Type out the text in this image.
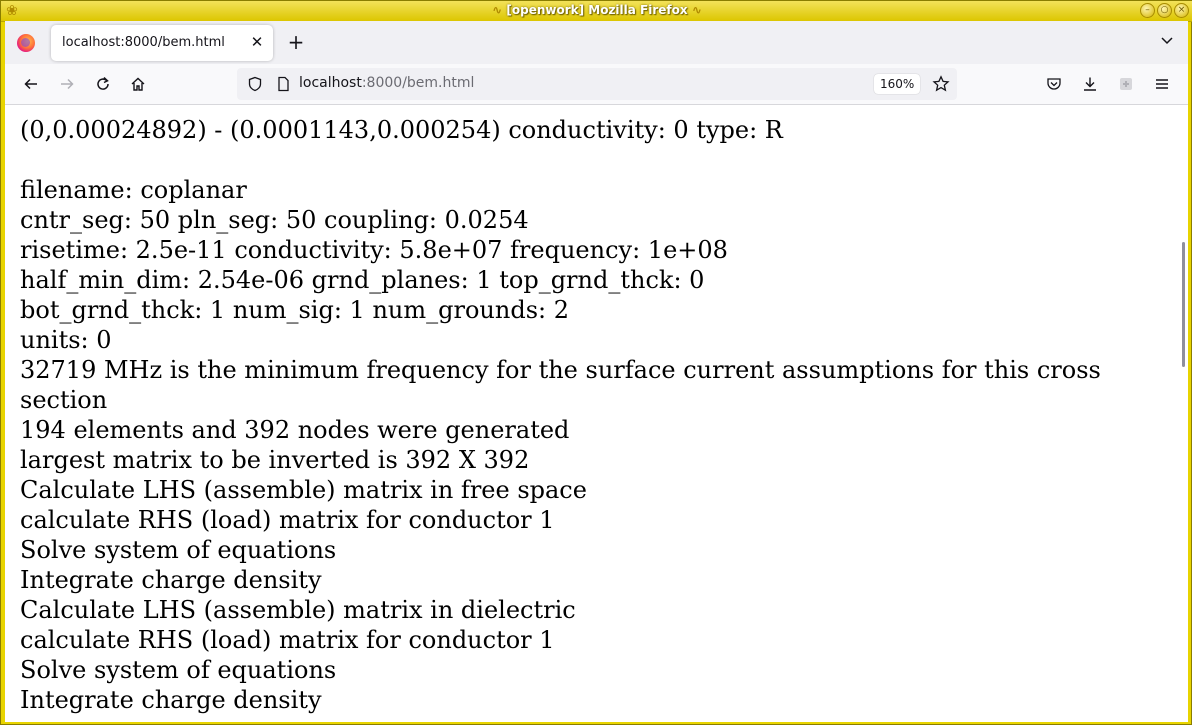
❀	∿ [openwork] Mozilla Firefox ∿	–	○	×
localhost:8000/bem.html ✕ +
localhost:8000/bem.html	160%
(0,0.00024892) - (0.0001143,0.000254) conductivity: 0 type: R
filename: coplanar
cntr_seg: 50 pln_seg: 50 coupling: 0.0254
risetime: 2.5e-11 conductivity: 5.8e+07 frequency: 1e+08
half_min_dim: 2.54e-06 grnd_planes: 1 top_grnd_thck: 0
bot_grnd_thck: 1 num_sig: 1 num_grounds: 2
units: 0
32719 MHz is the minimum frequency for the surface current assumptions for this cross
section
194 elements and 392 nodes were generated
largest matrix to be inverted is 392 X 392
Calculate LHS (assemble) matrix in free space
calculate RHS (load) matrix for conductor 1
Solve system of equations
Integrate charge density
Calculate LHS (assemble) matrix in dielectric
calculate RHS (load) matrix for conductor 1
Solve system of equations
Integrate charge density
